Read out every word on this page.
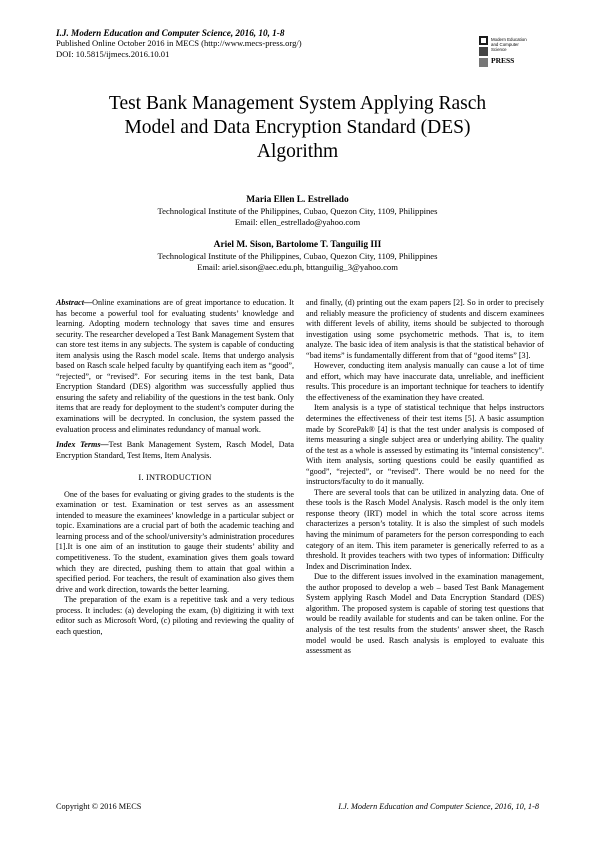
I.J. Modern Education and Computer Science, 2016, 10, 1-8
Published Online October 2016 in MECS (http://www.mecs-press.org/)
DOI: 10.5815/ijmecs.2016.10.01
Modern Education
and Computer
Science
PRESS
Test Bank Management System Applying Rasch
Model and Data Encryption Standard (DES)
Algorithm
Maria Ellen L. Estrellado
Technological Institute of the Philippines, Cubao, Quezon City, 1109, Philippines
Email: ellen_estrellado@yahoo.com
Ariel M. Sison, Bartolome T. Tanguilig III
Technological Institute of the Philippines, Cubao, Quezon City, 1109, Philippines
Email: ariel.sison@aec.edu.ph, bttanguilig_3@yahoo.com

Abstract—Online examinations are of great importance to education. It has become a powerful tool for evaluating students’ knowledge and learning. Adopting modern technology that saves time and ensures security. The researcher developed a Test Bank Management System that can store test items in any subjects. The system is capable of conducting item analysis using the Rasch model scale. Items that undergo analysis based on Rasch scale helped faculty by quantifying each item as “good”, “rejected”, or “revised”. For securing items in the test bank, Data Encryption Standard (DES) algorithm was successfully applied thus ensuring the safety and reliability of the questions in the test bank. Only items that are ready for deployment to the student’s computer during the examinations will be decrypted. In conclusion, the system passed the evaluation process and eliminates redundancy of manual work.

Index Terms—Test Bank Management System, Rasch Model, Data Encryption Standard, Test Items, Item Analysis.

I. INTRODUCTION

One of the bases for evaluating or giving grades to the students is the examination or test. Examination or test serves as an assessment intended to measure the examinees’ knowledge in a particular subject or topic. Examinations are a crucial part of both the academic teaching and learning process and of the school/university’s administration procedures [1].It is one aim of an institution to gauge their students’ ability and competitiveness. To the student, examination gives them goals toward which they are directed, pushing them to attain that goal within a specified period. For teachers, the result of examination also gives them drive and work direction, towards the better learning.

The preparation of the exam is a repetitive task and a very tedious process. It includes: (a) developing the exam, (b) digitizing it with text editor such as Microsoft Word, (c) piloting and reviewing the quality of each question,

and finally, (d) printing out the exam papers [2]. So in order to precisely and reliably measure the proficiency of students and discern examinees with different levels of ability, items should be subjected to thorough investigation using some psychometric methods. That is, to item analyze. The basic idea of item analysis is that the statistical behavior of “bad items” is fundamentally different from that of “good items” [3].

However, conducting item analysis manually can cause a lot of time and effort, which may have inaccurate data, unreliable, and inefficient results. This procedure is an important technique for teachers to identify the effectiveness of the examination they have created.

Item analysis is a type of statistical technique that helps instructors determines the effectiveness of their test items [5]. A basic assumption made by ScorePak® [4] is that the test under analysis is composed of items measuring a single subject area or underlying ability. The quality of the test as a whole is assessed by estimating its "internal consistency". With item analysis, sorting questions could be easily quantified as “good”, “rejected”, or “revised”. There would be no need for the instructors/faculty to do it manually.

There are several tools that can be utilized in analyzing data. One of these tools is the Rasch Model Analysis. Rasch model is the only item response theory (IRT) model in which the total score across items characterizes a person’s totality. It is also the simplest of such models having the minimum of parameters for the person corresponding to each category of an item. This item parameter is generically referred to as a threshold. It provides teachers with two types of information: Difficulty Index and Discrimination Index.

Due to the different issues involved in the examination management, the author proposed to develop a web – based Test Bank Management System applying Rasch Model and Data Encryption Standard (DES) algorithm. The proposed system is capable of storing test questions that would be readily available for students and can be taken online. For the analysis of the test results from the students’ answer sheet, the Rasch model would be used. Rasch analysis is employed to evaluate this assessment as

Copyright © 2016 MECS	I.J. Modern Education and Computer Science, 2016, 10, 1-8
